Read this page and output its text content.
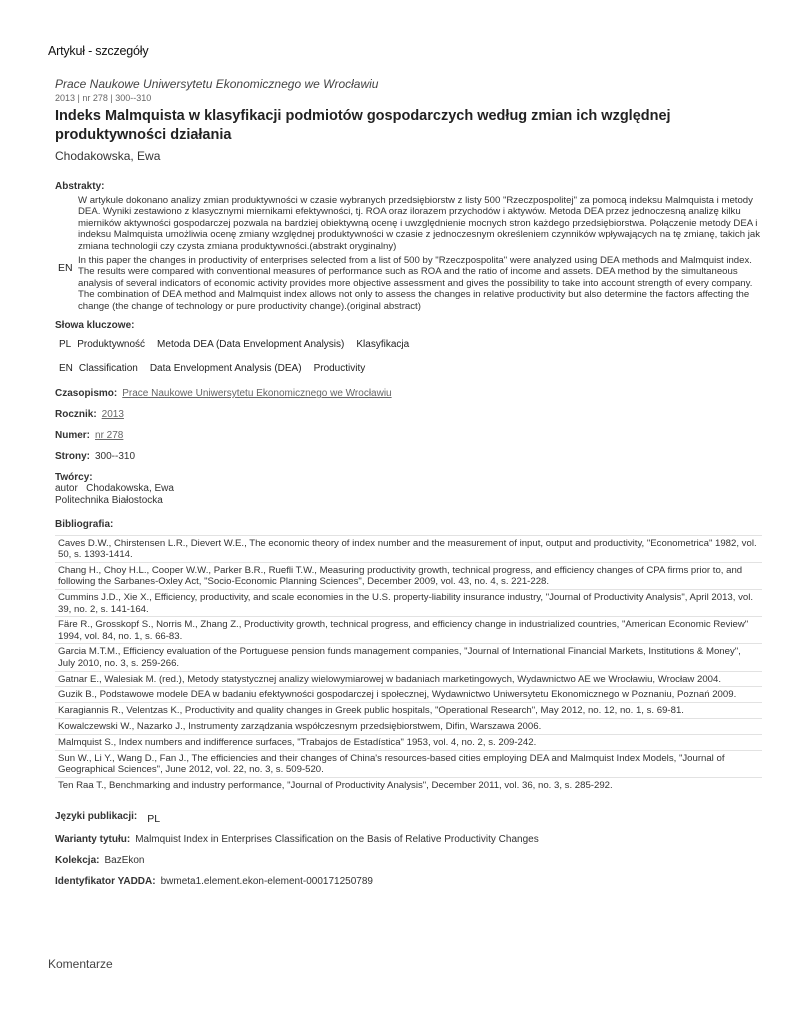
Artykuł - szczegóły
Prace Naukowe Uniwersytetu Ekonomicznego we Wrocławiu
2013 | nr 278 | 300--310
Indeks Malmquista w klasyfikacji podmiotów gospodarczych według zmian ich względnej produktywności działania
Chodakowska, Ewa
Abstrakty:
W artykule dokonano analizy zmian produktywności w czasie wybranych przedsiębiorstw z listy 500 "Rzeczpospolitej" za pomocą indeksu Malmquista i metody DEA. Wyniki zestawiono z klasycznymi miernikami efektywności, tj. ROA oraz ilorazem przychodów i aktywów. Metoda DEA przez jednoczesną analizę kilku mierników aktywności gospodarczej pozwala na bardziej obiektywną ocenę i uwzględnienie mocnych stron każdego przedsiębiorstwa. Połączenie metody DEA i indeksu Malmquista umożliwia ocenę zmiany względnej produktywności w czasie z jednoczesnym określeniem czynników wpływających na tę zmianę, takich jak zmiana technologii czy czysta zmiana produktywności.(abstrakt oryginalny)
EN
In this paper the changes in productivity of enterprises selected from a list of 500 by "Rzeczpospolita" were analyzed using DEA methods and Malmquist index. The results were compared with conventional measures of performance such as ROA and the ratio of income and assets. DEA method by the simultaneous analysis of several indicators of economic activity provides more objective assessment and gives the possibility to take into account strength of every company. The combination of DEA method and Malmquist index allows not only to assess the changes in relative productivity but also determine the factors affecting the change (the change of technology or pure productivity change).(original abstract)
Słowa kluczowe:
PL Produktywność Metoda DEA (Data Envelopment Analysis) Klasyfikacja
EN Classification Data Envelopment Analysis (DEA) Productivity
Czasopismo: Prace Naukowe Uniwersytetu Ekonomicznego we Wrocławiu
Rocznik: 2013
Numer: nr 278
Strony: 300--310
Twórcy:
autor   Chodakowska, Ewa
Politechnika Białostocka
Bibliografia:
Caves D.W., Chirstensen L.R., Dievert W.E., The economic theory of index number and the measurement of input, output and productivity, "Econometrica" 1982, vol. 50, s. 1393-1414.
Chang H., Choy H.L., Cooper W.W., Parker B.R., Ruefli T.W., Measuring productivity growth, technical progress, and efficiency changes of CPA firms prior to, and following the Sarbanes-Oxley Act, "Socio-Economic Planning Sciences", December 2009, vol. 43, no. 4, s. 221-228.
Cummins J.D., Xie X., Efficiency, productivity, and scale economies in the U.S. property-liability insurance industry, "Journal of Productivity Analysis", April 2013, vol. 39, no. 2, s. 141-164.
Färe R., Grosskopf S., Norris M., Zhang Z., Productivity growth, technical progress, and efficiency change in industrialized countries, "American Economic Review" 1994, vol. 84, no. 1, s. 66-83.
Garcia M.T.M., Efficiency evaluation of the Portuguese pension funds management companies, "Journal of International Financial Markets, Institutions & Money", July 2010, no. 3, s. 259-266.
Gatnar E., Walesiak M. (red.), Metody statystycznej analizy wielowymiarowej w badaniach marketingowych, Wydawnictwo AE we Wrocławiu, Wrocław 2004.
Guzik B., Podstawowe modele DEA w badaniu efektywności gospodarczej i społecznej, Wydawnictwo Uniwersytetu Ekonomicznego w Poznaniu, Poznań 2009.
Karagiannis R., Velentzas K., Productivity and quality changes in Greek public hospitals, "Operational Research", May 2012, no. 12, no. 1, s. 69-81.
Kowalczewski W., Nazarko J., Instrumenty zarządzania współczesnym przedsiębiorstwem, Difin, Warszawa 2006.
Malmquist S., Index numbers and indifference surfaces, "Trabajos de Estadística" 1953, vol. 4, no. 2, s. 209-242.
Sun W., Li Y., Wang D., Fan J., The efficiencies and their changes of China's resources-based cities employing DEA and Malmquist Index Models, "Journal of Geographical Sciences", June 2012, vol. 22, no. 3, s. 509-520.
Ten Raa T., Benchmarking and industry performance, "Journal of Productivity Analysis", December 2011, vol. 36, no. 3, s. 285-292.
Języki publikacji: PL
Warianty tytułu: Malmquist Index in Enterprises Classification on the Basis of Relative Productivity Changes
Kolekcja: BazEkon
Identyfikator YADDA: bwmeta1.element.ekon-element-000171250789
Komentarze
